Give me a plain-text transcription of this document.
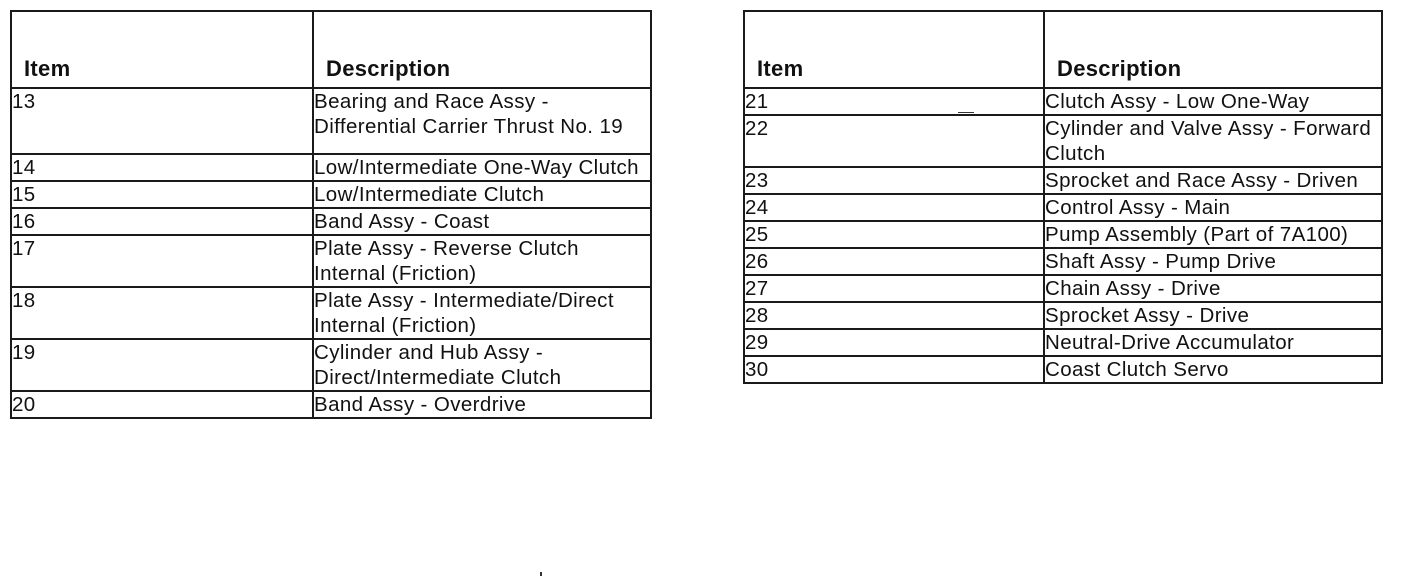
Item	Description
13	Bearing and Race Assy - Differential Carrier Thrust No. 19
14	Low/Intermediate One-Way Clutch
15	Low/Intermediate Clutch
16	Band Assy - Coast
17	Plate Assy - Reverse Clutch Internal (Friction)
18	Plate Assy - Intermediate/Direct Internal (Friction)
19	Cylinder and Hub Assy - Direct/Intermediate Clutch
20	Band Assy - Overdrive
Item	Description
21	Clutch Assy - Low One-Way
22	Cylinder and Valve Assy - Forward Clutch
23	Sprocket and Race Assy - Driven
24	Control Assy - Main
25	Pump Assembly (Part of 7A100)
26	Shaft Assy - Pump Drive
27	Chain Assy - Drive
28	Sprocket Assy - Drive
29	Neutral-Drive Accumulator
30	Coast Clutch Servo
